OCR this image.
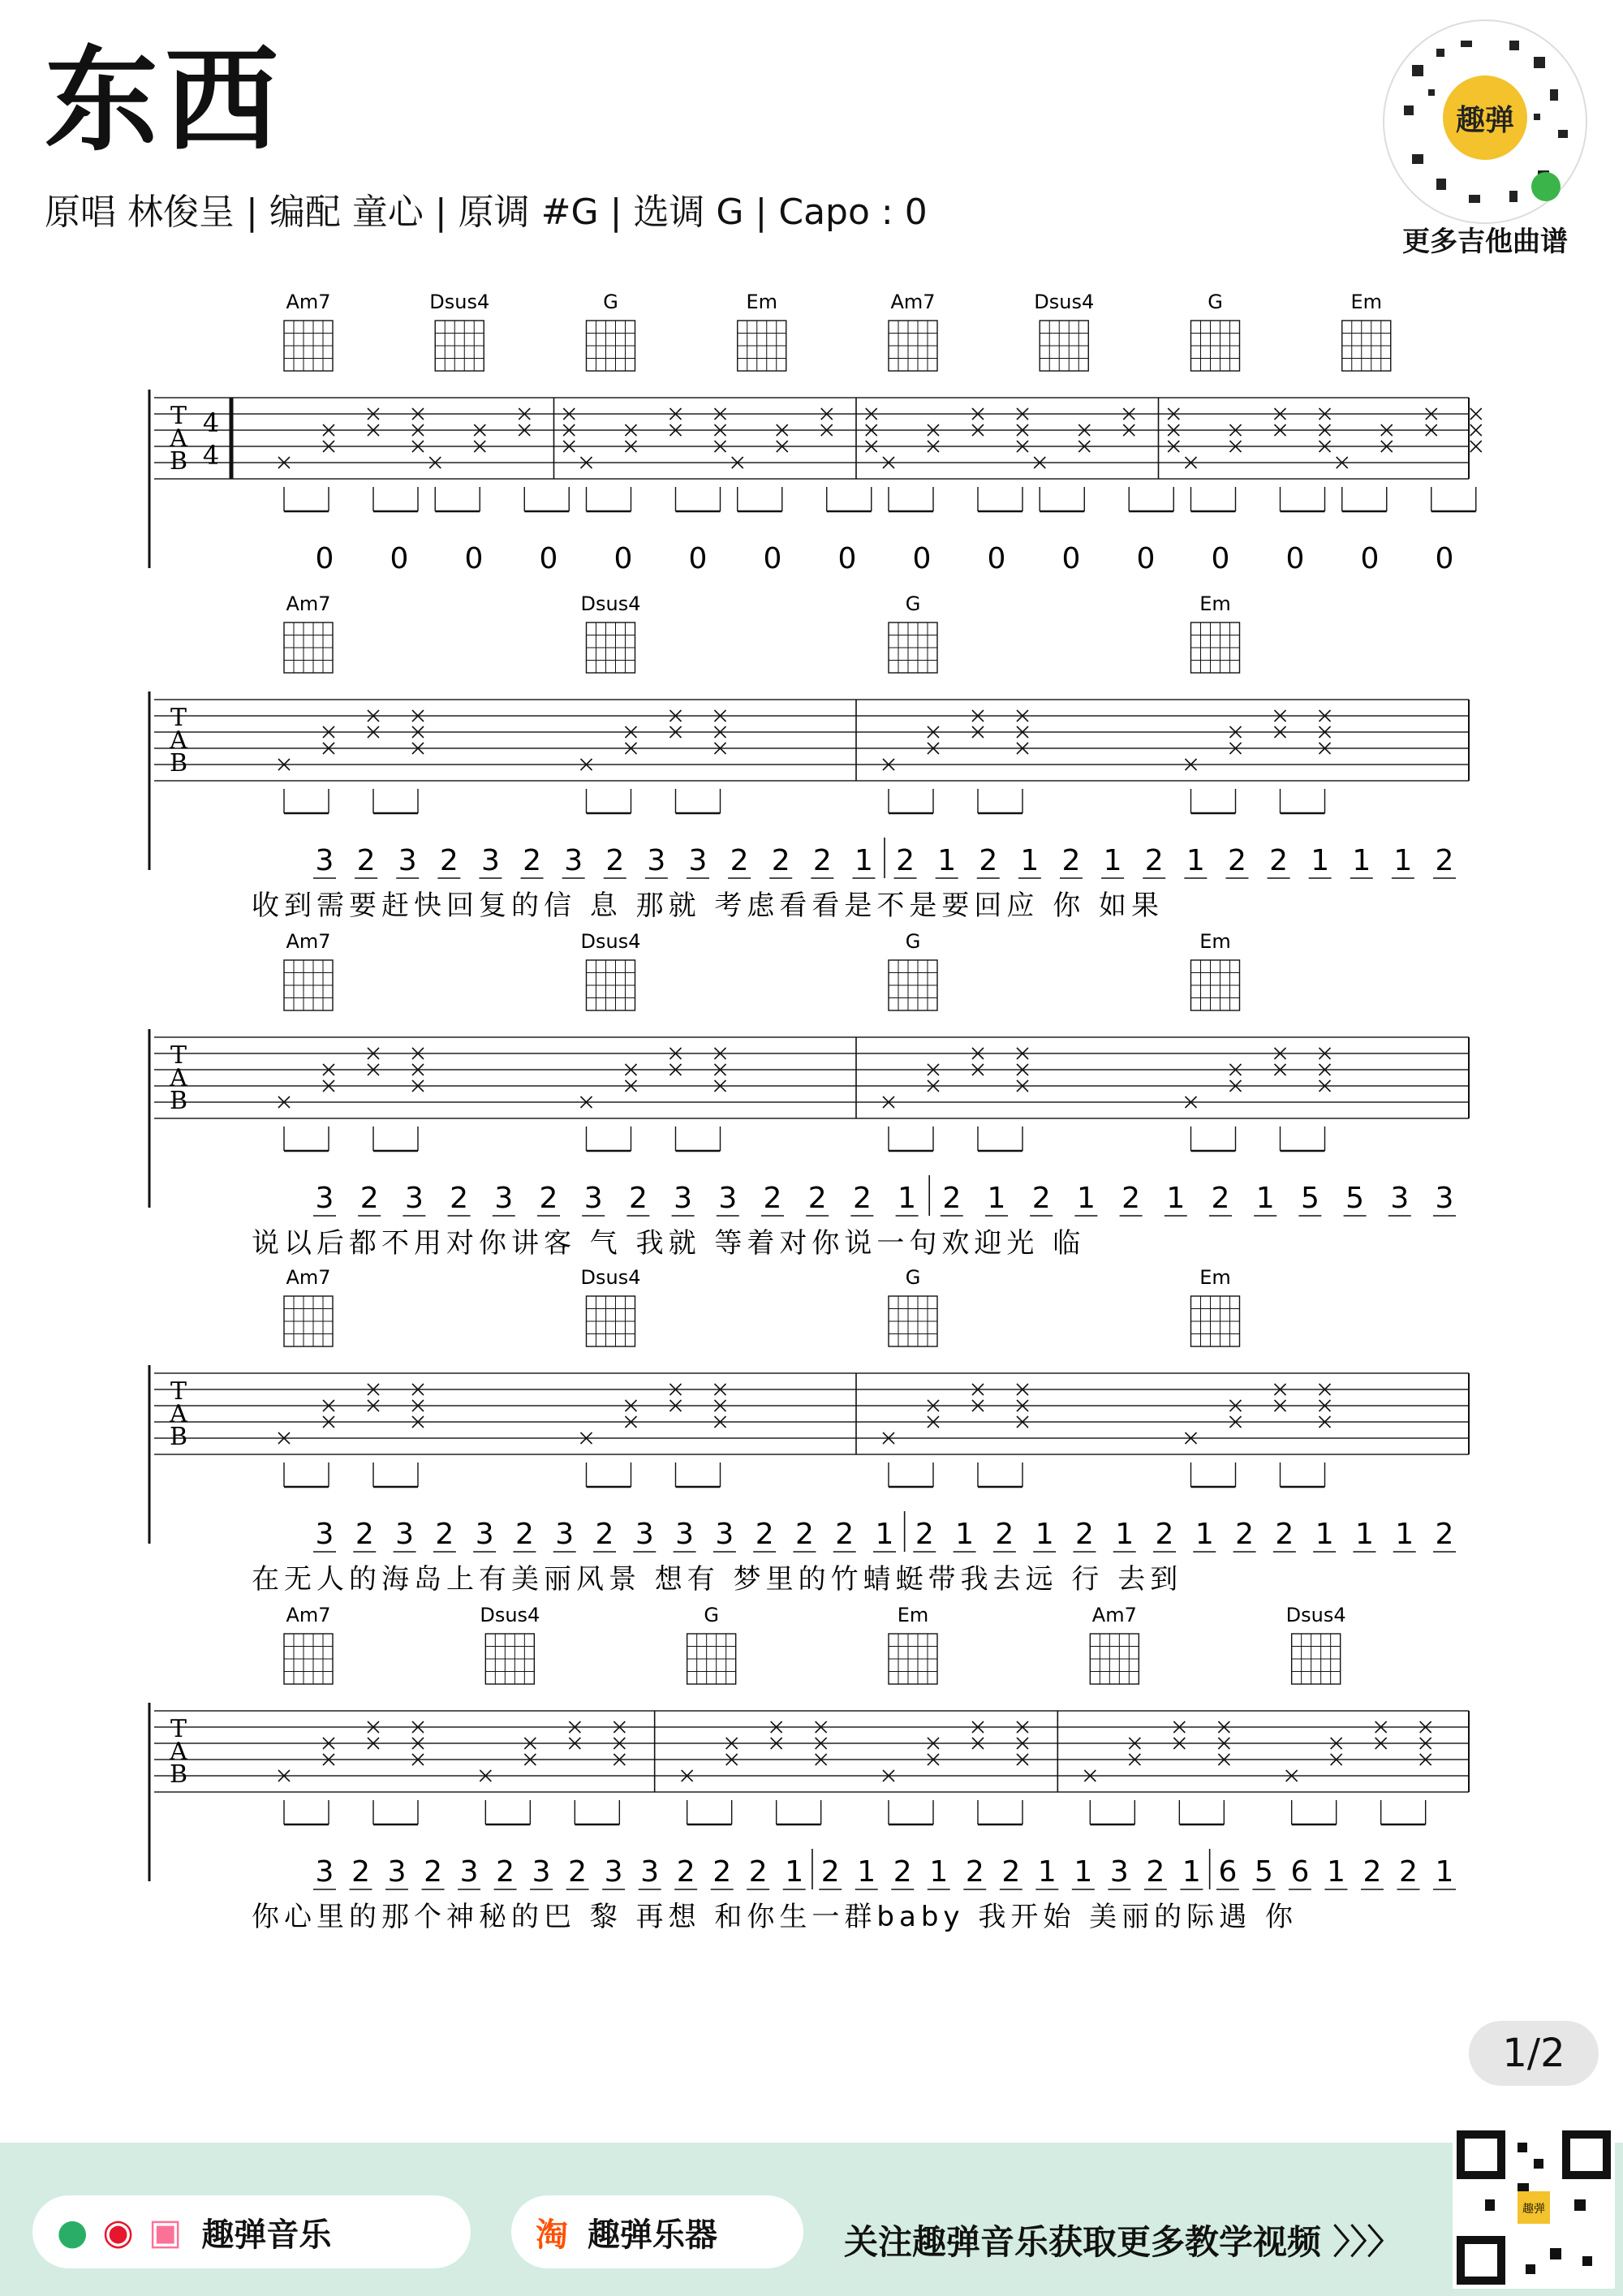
东西
原唱 林俊呈 | 编配 童心 | 原调 #G | 选调 G | Capo : 0
趣弹
更多吉他曲谱
T
A
B
4
4
Am7	Dsus4	G	Em	Am7	Dsus4	G	Em
0 0 0 0 0 0 0 0 0 0 0 0 0 0 0 0
T
A
B
Am7	Dsus4	G	Em
3 2 3 2 3 2 3 2 3 3 2 2 2 1 2 1 2 1 2 1 2 1 2 2 1 1 1 2
收到需要赶快回复的信 息 那就 考虑看看是不是要回应 你 如果
T
A
B
Am7	Dsus4	G	Em
3 2 3 2 3 2 3 2 3 3 2 2 2 1 2 1 2 1 2 1 2 1 5 5 3 3
说以后都不用对你讲客 气 我就 等着对你说一句欢迎光 临
T
A
B
Am7	Dsus4	G	Em
3 2 3 2 3 2 3 2 3 3 3 2 2 2 1 2 1 2 1 2 1 2 1 2 2 1 1 1 2
在无人的海岛上有美丽风景 想有 梦里的竹蜻蜓带我去远 行 去到
T
A
B
Am7	Dsus4	G	Em	Am7	Dsus4
3 2 3 2 3 2 3 2 3 3 2 2 2 1 2 1 2 1 2 2 1 1 3 2 1 6 5 6 1 2 2 1
你心里的那个神秘的巴 黎 再想 和你生一群baby 我开始 美丽的际遇 你
1/2
● ◉ ▣ 趣弹音乐	淘 趣弹乐器	关注趣弹音乐获取更多教学视频 〉〉〉
趣弹
